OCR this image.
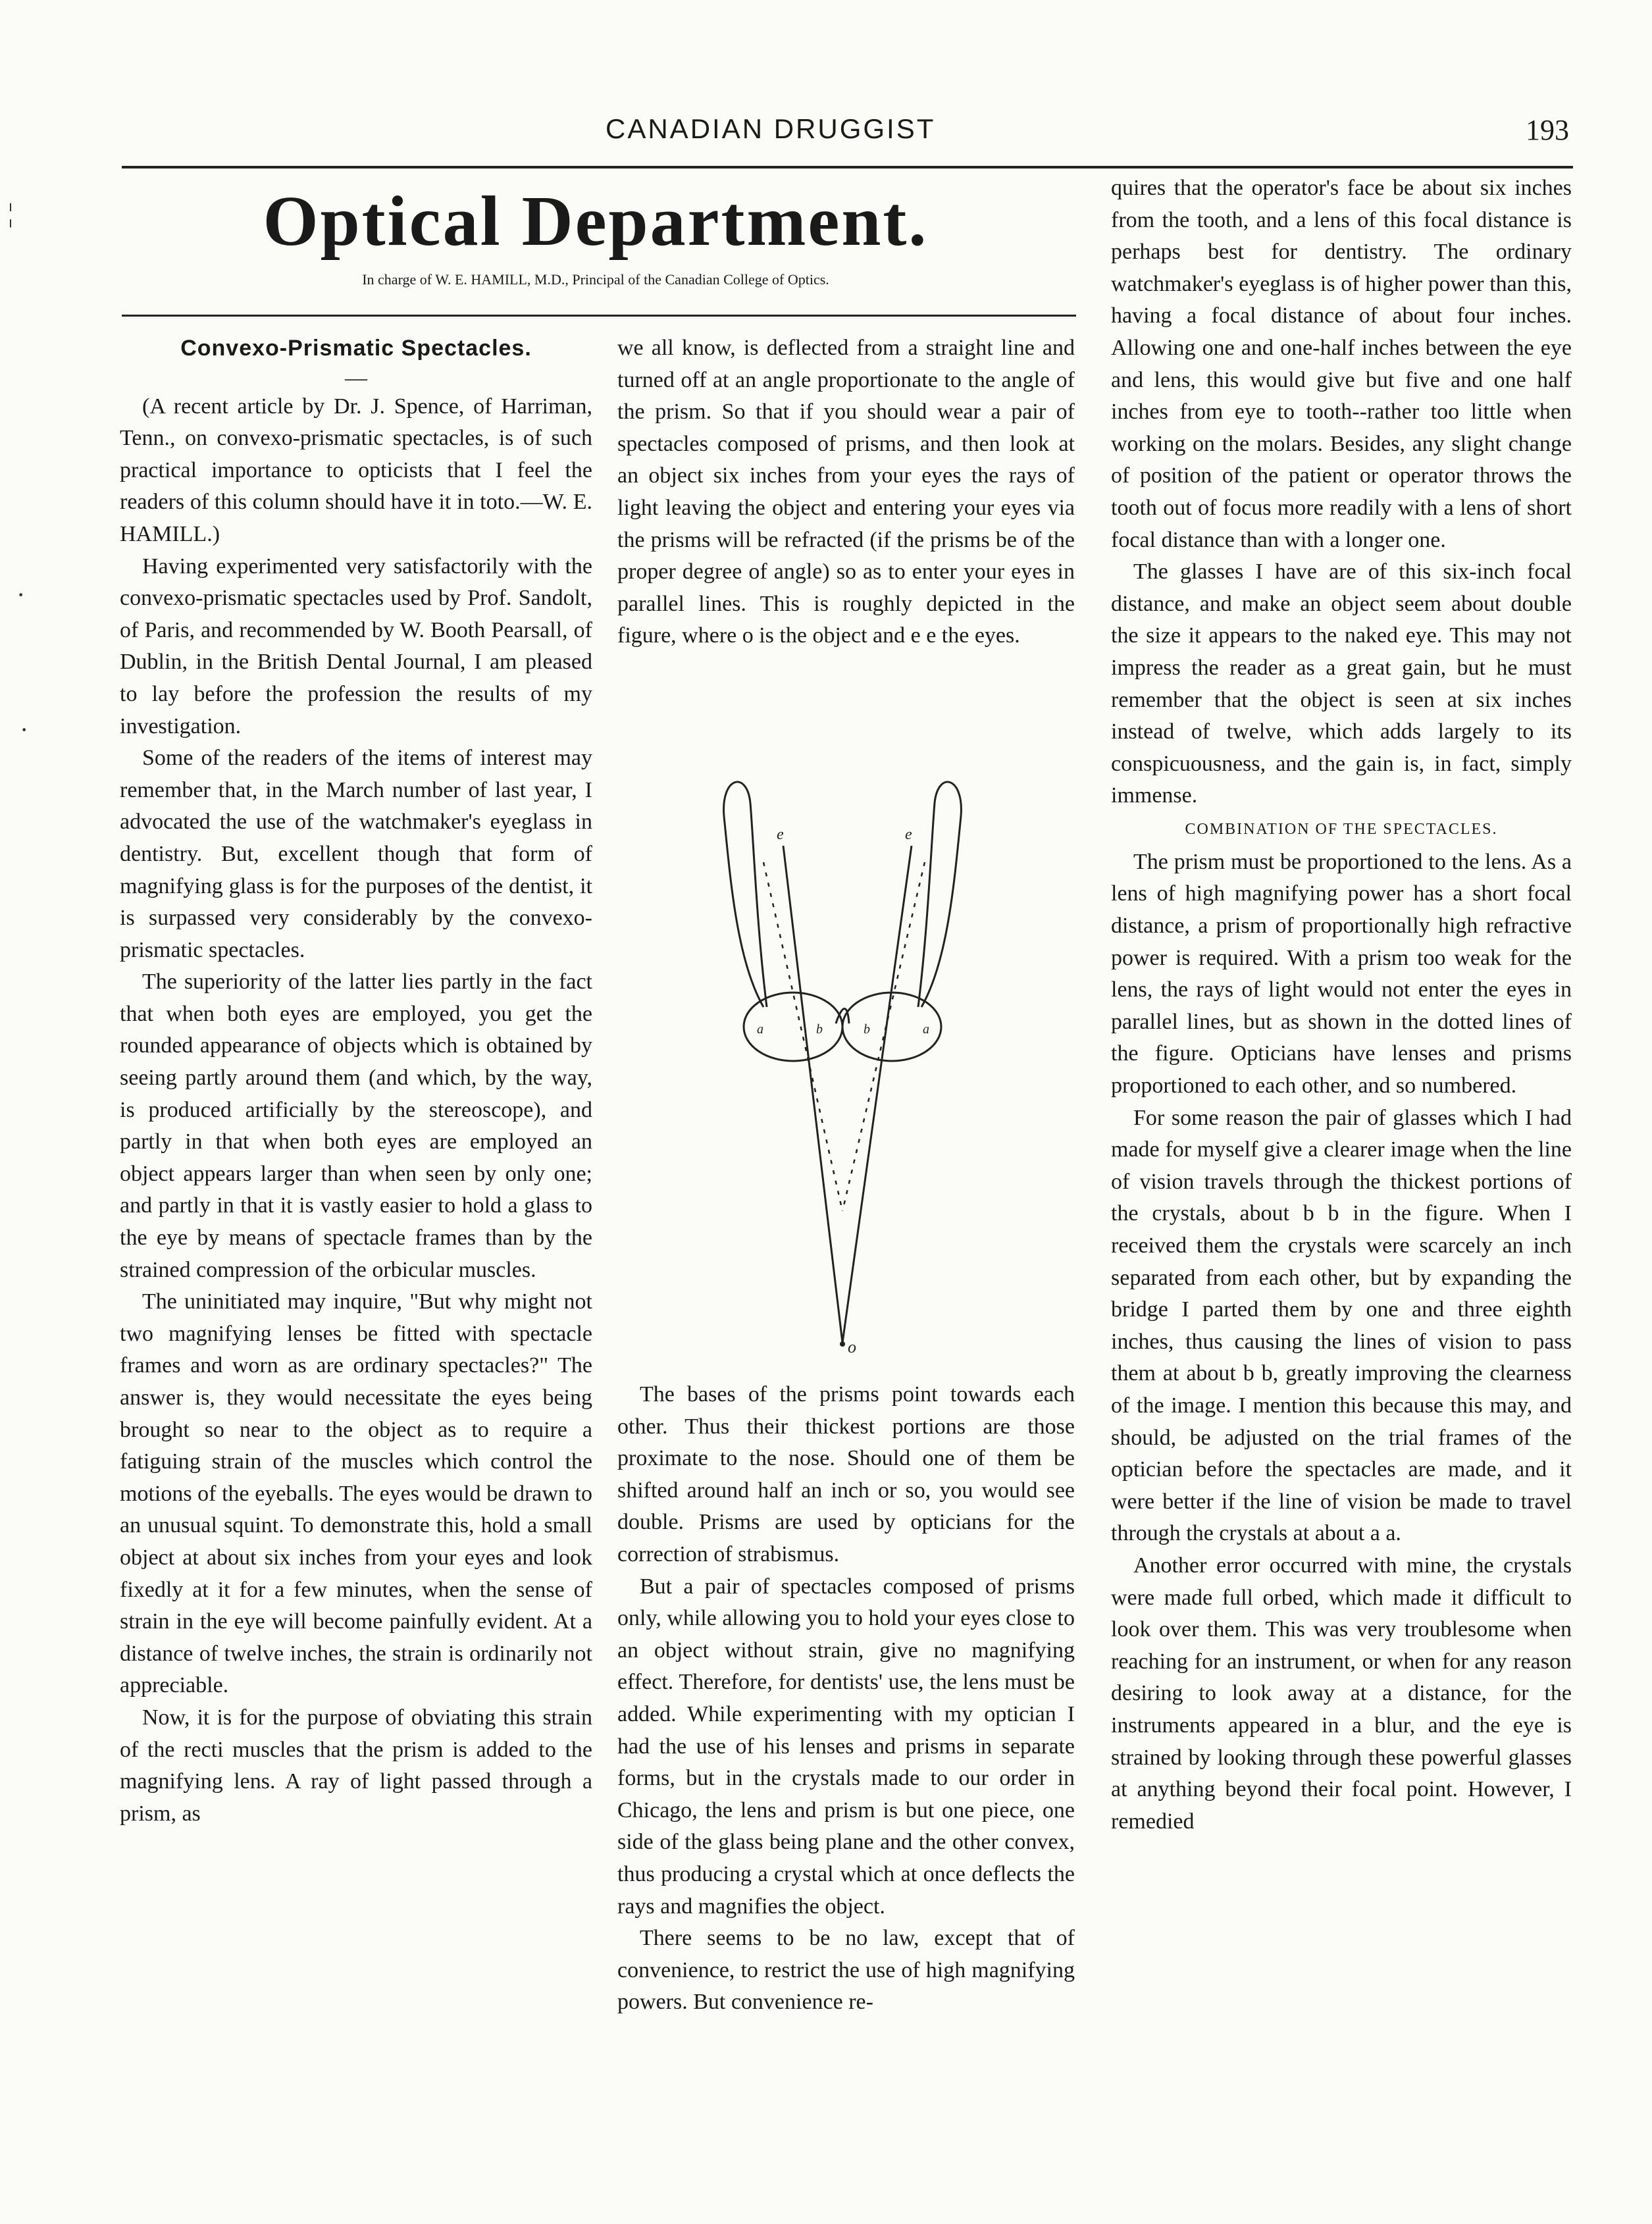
CANADIAN DRUGGIST	193
Optical Department.
In charge of W. E. HAMILL, M.D., Principal of the Canadian College of Optics.
Convexo-Prismatic Spectacles.
—

(A recent article by Dr. J. Spence, of Harriman, Tenn., on convexo-prismatic spectacles, is of such practical importance to opticists that I feel the readers of this column should have it in toto.—W. E. HAMILL.)

Having experimented very satisfactorily with the convexo-prismatic spectacles used by Prof. Sandolt, of Paris, and recommended by W. Booth Pearsall, of Dublin, in the British Dental Journal, I am pleased to lay before the profession the results of my investigation.

Some of the readers of the items of interest may remember that, in the March number of last year, I advocated the use of the watchmaker's eyeglass in dentistry. But, excellent though that form of magnifying glass is for the purposes of the dentist, it is surpassed very considerably by the convexo-prismatic spectacles.

The superiority of the latter lies partly in the fact that when both eyes are employed, you get the rounded appearance of objects which is obtained by seeing partly around them (and which, by the way, is produced artificially by the stereoscope), and partly in that when both eyes are employed an object appears larger than when seen by only one; and partly in that it is vastly easier to hold a glass to the eye by means of spectacle frames than by the strained compression of the orbicular muscles.

The uninitiated may inquire, "But why might not two magnifying lenses be fitted with spectacle frames and worn as are ordinary spectacles?" The answer is, they would necessitate the eyes being brought so near to the object as to require a fatiguing strain of the muscles which control the motions of the eyeballs. The eyes would be drawn to an unusual squint. To demonstrate this, hold a small object at about six inches from your eyes and look fixedly at it for a few minutes, when the sense of strain in the eye will become painfully evident. At a distance of twelve inches, the strain is ordinarily not appreciable.

Now, it is for the purpose of obviating this strain of the recti muscles that the prism is added to the magnifying lens. A ray of light passed through a prism, as

we all know, is deflected from a straight line and turned off at an angle proportionate to the angle of the prism. So that if you should wear a pair of spectacles composed of prisms, and then look at an object six inches from your eyes the rays of light leaving the object and entering your eyes via the prisms will be refracted (if the prisms be of the proper degree of angle) so as to enter your eyes in parallel lines. This is roughly depicted in the figure, where o is the object and e e the eyes.

o
e	e
a	b	b	a

The bases of the prisms point towards each other. Thus their thickest portions are those proximate to the nose. Should one of them be shifted around half an inch or so, you would see double. Prisms are used by opticians for the correction of strabismus.

But a pair of spectacles composed of prisms only, while allowing you to hold your eyes close to an object without strain, give no magnifying effect. Therefore, for dentists' use, the lens must be added. While experimenting with my optician I had the use of his lenses and prisms in separate forms, but in the crystals made to our order in Chicago, the lens and prism is but one piece, one side of the glass being plane and the other convex, thus producing a crystal which at once deflects the rays and magnifies the object.

There seems to be no law, except that of convenience, to restrict the use of high magnifying powers. But convenience re-

quires that the operator's face be about six inches from the tooth, and a lens of this focal distance is perhaps best for dentistry. The ordinary watchmaker's eyeglass is of higher power than this, having a focal distance of about four inches. Allowing one and one-half inches between the eye and lens, this would give but five and one half inches from eye to tooth--rather too little when working on the molars. Besides, any slight change of position of the patient or operator throws the tooth out of focus more readily with a lens of short focal distance than with a longer one.

The glasses I have are of this six-inch focal distance, and make an object seem about double the size it appears to the naked eye. This may not impress the reader as a great gain, but he must remember that the object is seen at six inches instead of twelve, which adds largely to its conspicuousness, and the gain is, in fact, simply immense.

COMBINATION OF THE SPECTACLES.

The prism must be proportioned to the lens. As a lens of high magnifying power has a short focal distance, a prism of proportionally high refractive power is required. With a prism too weak for the lens, the rays of light would not enter the eyes in parallel lines, but as shown in the dotted lines of the figure. Opticians have lenses and prisms proportioned to each other, and so numbered.

For some reason the pair of glasses which I had made for myself give a clearer image when the line of vision travels through the thickest portions of the crystals, about b b in the figure. When I received them the crystals were scarcely an inch separated from each other, but by expanding the bridge I parted them by one and three eighth inches, thus causing the lines of vision to pass them at about b b, greatly improving the clearness of the image. I mention this because this may, and should, be adjusted on the trial frames of the optician before the spectacles are made, and it were better if the line of vision be made to travel through the crystals at about a a.

Another error occurred with mine, the crystals were made full orbed, which made it difficult to look over them. This was very troublesome when reaching for an instrument, or when for any reason desiring to look away at a distance, for the instruments appeared in a blur, and the eye is strained by looking through these powerful glasses at anything beyond their focal point. However, I remedied

¦
·
·
